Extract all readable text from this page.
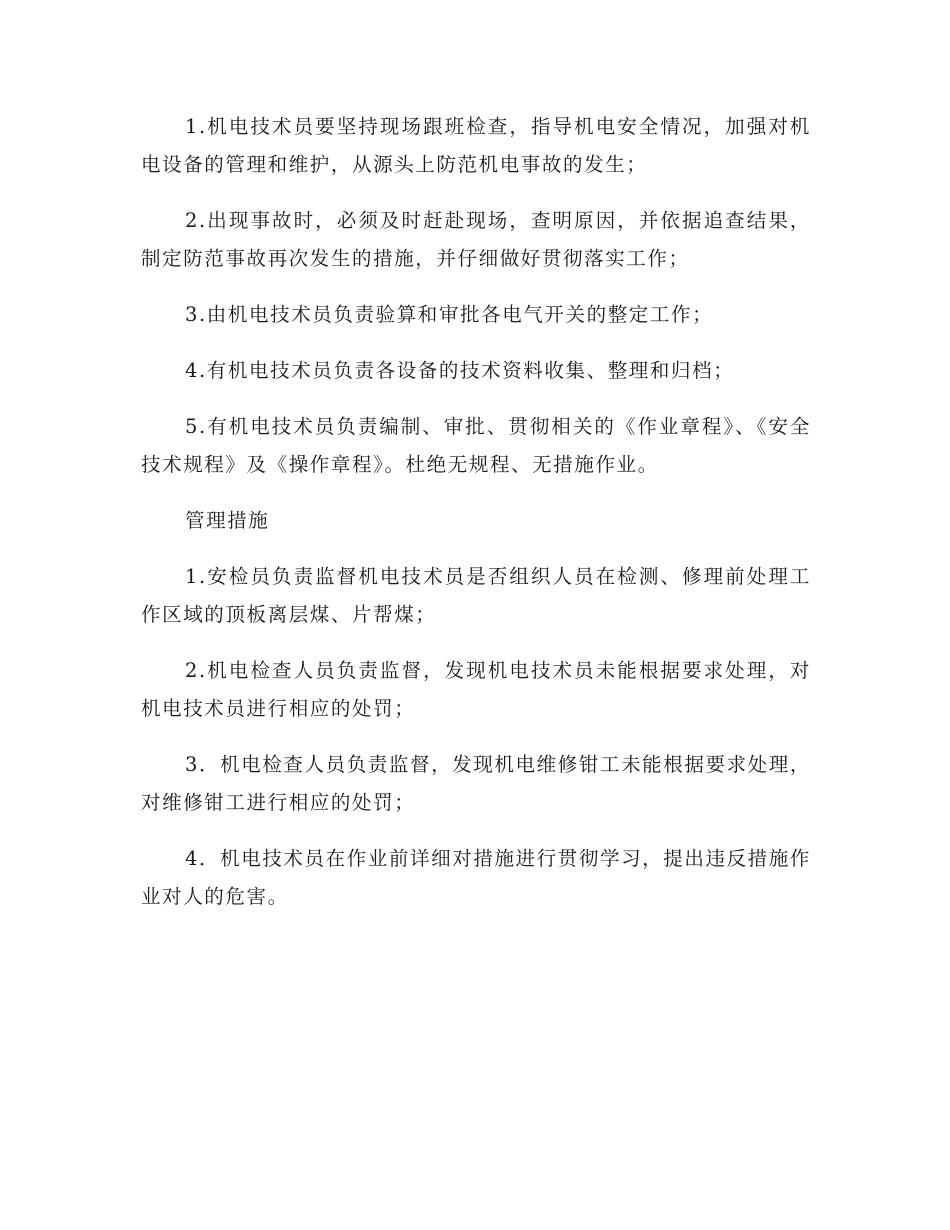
1.机电技术员要坚持现场跟班检查，指导机电安全情况，加强对机电设备的管理和维护，从源头上防范机电事故的发生；

2.出现事故时，必须及时赶赴现场，查明原因，并依据追查结果，制定防范事故再次发生的措施，并仔细做好贯彻落实工作；

3.由机电技术员负责验算和审批各电气开关的整定工作；

4.有机电技术员负责各设备的技术资料收集、整理和归档；

5.有机电技术员负责编制、审批、贯彻相关的《作业章程》、《安全技术规程》及《操作章程》。杜绝无规程、无措施作业。

管理措施

1.安检员负责监督机电技术员是否组织人员在检测、修理前处理工作区域的顶板离层煤、片帮煤；

2.机电检查人员负责监督，发现机电技术员未能根据要求处理，对机电技术员进行相应的处罚；

3．机电检查人员负责监督，发现机电维修钳工未能根据要求处理，对维修钳工进行相应的处罚；

4．机电技术员在作业前详细对措施进行贯彻学习，提出违反措施作业对人的危害。
